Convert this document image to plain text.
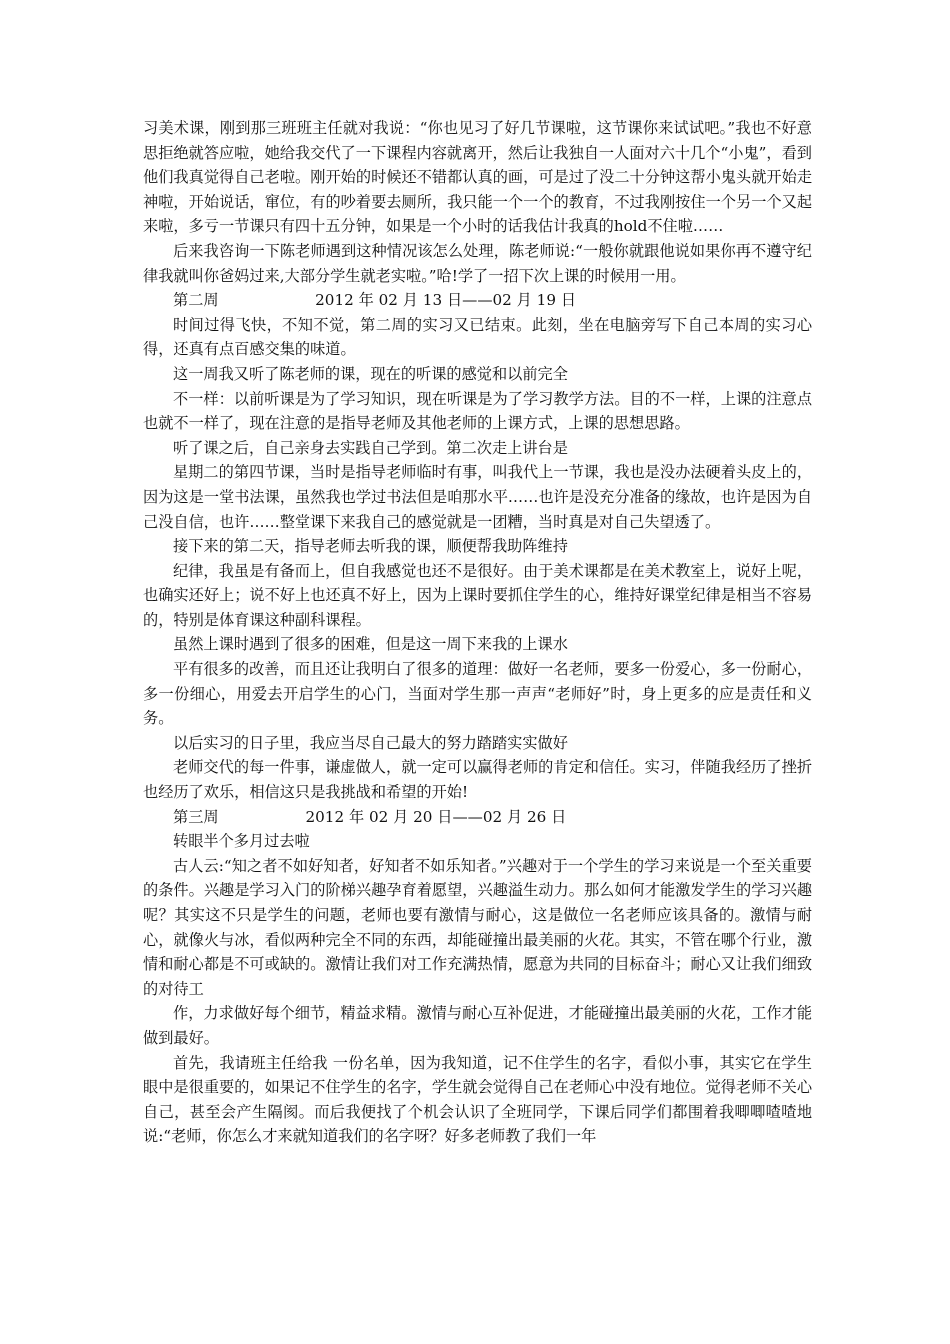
习美术课，刚到那三班班主任就对我说：“你也见习了好几节课啦，这节课你来试试吧。”我也不好意思拒绝就答应啦，她给我交代了一下课程内容就离开，然后让我独自一人面对六十几个“小鬼”，看到他们我真觉得自己老啦。刚开始的时候还不错都认真的画，可是过了没二十分钟这帮小鬼头就开始走神啦，开始说话，窜位，有的吵着要去厕所，我只能一个一个的教育，不过我刚按住一个另一个又起来啦，多亏一节课只有四十五分钟，如果是一个小时的话我估计我真的hold不住啦……

后来我咨询一下陈老师遇到这种情况该怎么处理，陈老师说:“一般你就跟他说如果你再不遵守纪律我就叫你爸妈过来,大部分学生就老实啦。”哈!学了一招下次上课的时候用一用。

第二周	2012 年 02 月 13 日——02 月 19 日

时间过得飞快，不知不觉，第二周的实习又已结束。此刻，坐在电脑旁写下自己本周的实习心得，还真有点百感交集的味道。

这一周我又听了陈老师的课，现在的听课的感觉和以前完全

不一样：以前听课是为了学习知识，现在听课是为了学习教学方法。目的不一样，上课的注意点也就不一样了，现在注意的是指导老师及其他老师的上课方式，上课的思想思路。

听了课之后，自己亲身去实践自己学到。第二次走上讲台是

星期二的第四节课，当时是指导老师临时有事，叫我代上一节课，我也是没办法硬着头皮上的，因为这是一堂书法课，虽然我也学过书法但是咱那水平……也许是没充分准备的缘故，也许是因为自己没自信，也许……整堂课下来我自己的感觉就是一团糟，当时真是对自己失望透了。

接下来的第二天，指导老师去听我的课，顺便帮我助阵维持

纪律，我虽是有备而上，但自我感觉也还不是很好。由于美术课都是在美术教室上，说好上呢，也确实还好上；说不好上也还真不好上，因为上课时要抓住学生的心，维持好课堂纪律是相当不容易的，特别是体育课这种副科课程。

虽然上课时遇到了很多的困难，但是这一周下来我的上课水

平有很多的改善，而且还让我明白了很多的道理：做好一名老师，要多一份爱心，多一份耐心，多一份细心，用爱去开启学生的心门，当面对学生那一声声“老师好”时，身上更多的应是责任和义务。

以后实习的日子里，我应当尽自己最大的努力踏踏实实做好

老师交代的每一件事，谦虚做人，就一定可以赢得老师的肯定和信任。实习，伴随我经历了挫折也经历了欢乐，相信这只是我挑战和希望的开始!

第三周	2012 年 02 月 20 日——02 月 26 日

转眼半个多月过去啦

古人云:“知之者不如好知者，好知者不如乐知者。”兴趣对于一个学生的学习来说是一个至关重要的条件。兴趣是学习入门的阶梯兴趣孕育着愿望，兴趣溢生动力。那么如何才能激发学生的学习兴趣呢？其实这不只是学生的问题，老师也要有激情与耐心，这是做位一名老师应该具备的。激情与耐心，就像火与冰，看似两种完全不同的东西，却能碰撞出最美丽的火花。其实，不管在哪个行业，激情和耐心都是不可或缺的。激情让我们对工作充满热情，愿意为共同的目标奋斗；耐心又让我们细致的对待工

作，力求做好每个细节，精益求精。激情与耐心互补促进，才能碰撞出最美丽的火花，工作才能做到最好。

首先，我请班主任给我 一份名单，因为我知道，记不住学生的名字，看似小事，其实它在学生眼中是很重要的，如果记不住学生的名字，学生就会觉得自己在老师心中没有地位。觉得老师不关心自己，甚至会产生隔阂。而后我便找了个机会认识了全班同学，下课后同学们都围着我唧唧喳喳地说:“老师，你怎么才来就知道我们的名字呀？好多老师教了我们一年
